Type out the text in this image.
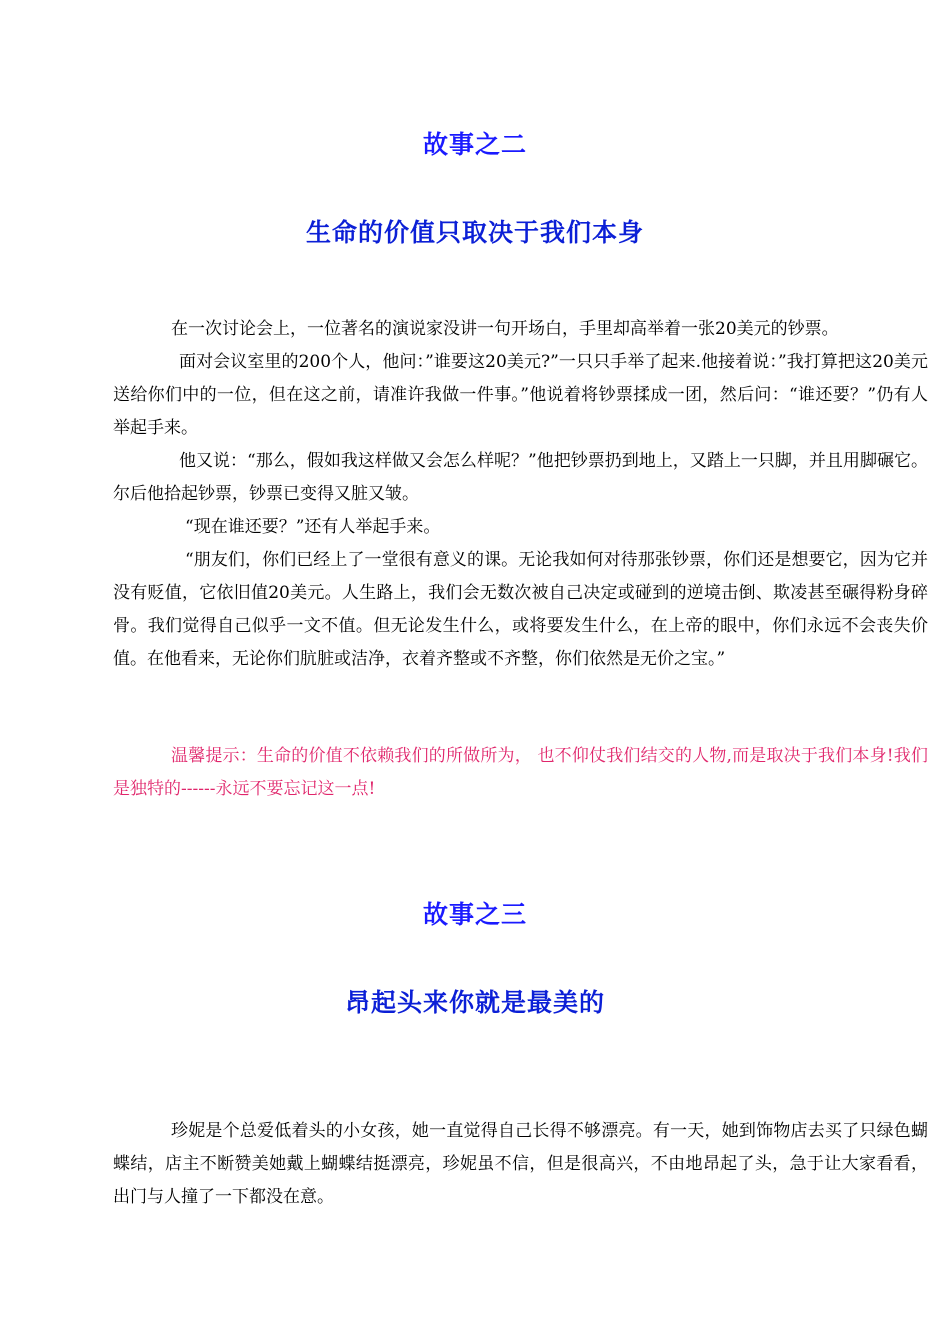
故事之二
生命的价值只取决于我们本身

在一次讨论会上，一位著名的演说家没讲一句开场白，手里却高举着一张20美元的钞票。

面对会议室里的200个人，他问：”谁要这20美元?”一只只手举了起来.他接着说：”我打算把这20美元送给你们中的一位，但在这之前，请准许我做一件事。”他说着将钞票揉成一团，然后问：“谁还要？”仍有人举起手来。

他又说：“那么，假如我这样做又会怎么样呢？”他把钞票扔到地上，又踏上一只脚，并且用脚碾它。尔后他拾起钞票，钞票已变得又脏又皱。

“现在谁还要？”还有人举起手来。

“朋友们，你们已经上了一堂很有意义的课。无论我如何对待那张钞票，你们还是想要它，因为它并没有贬值，它依旧值20美元。人生路上，我们会无数次被自己决定或碰到的逆境击倒、欺凌甚至碾得粉身碎骨。我们觉得自己似乎一文不值。但无论发生什么，或将要发生什么，在上帝的眼中，你们永远不会丧失价值。在他看来，无论你们肮脏或洁净，衣着齐整或不齐整，你们依然是无价之宝。”

温馨提示：生命的价值不依赖我们的所做所为， 也不仰仗我们结交的人物,而是取决于我们本身!我们是独特的------永远不要忘记这一点!

故事之三
昂起头来你就是最美的

珍妮是个总爱低着头的小女孩，她一直觉得自己长得不够漂亮。有一天，她到饰物店去买了只绿色蝴蝶结，店主不断赞美她戴上蝴蝶结挺漂亮，珍妮虽不信，但是很高兴，不由地昂起了头，急于让大家看看，出门与人撞了一下都没在意。
